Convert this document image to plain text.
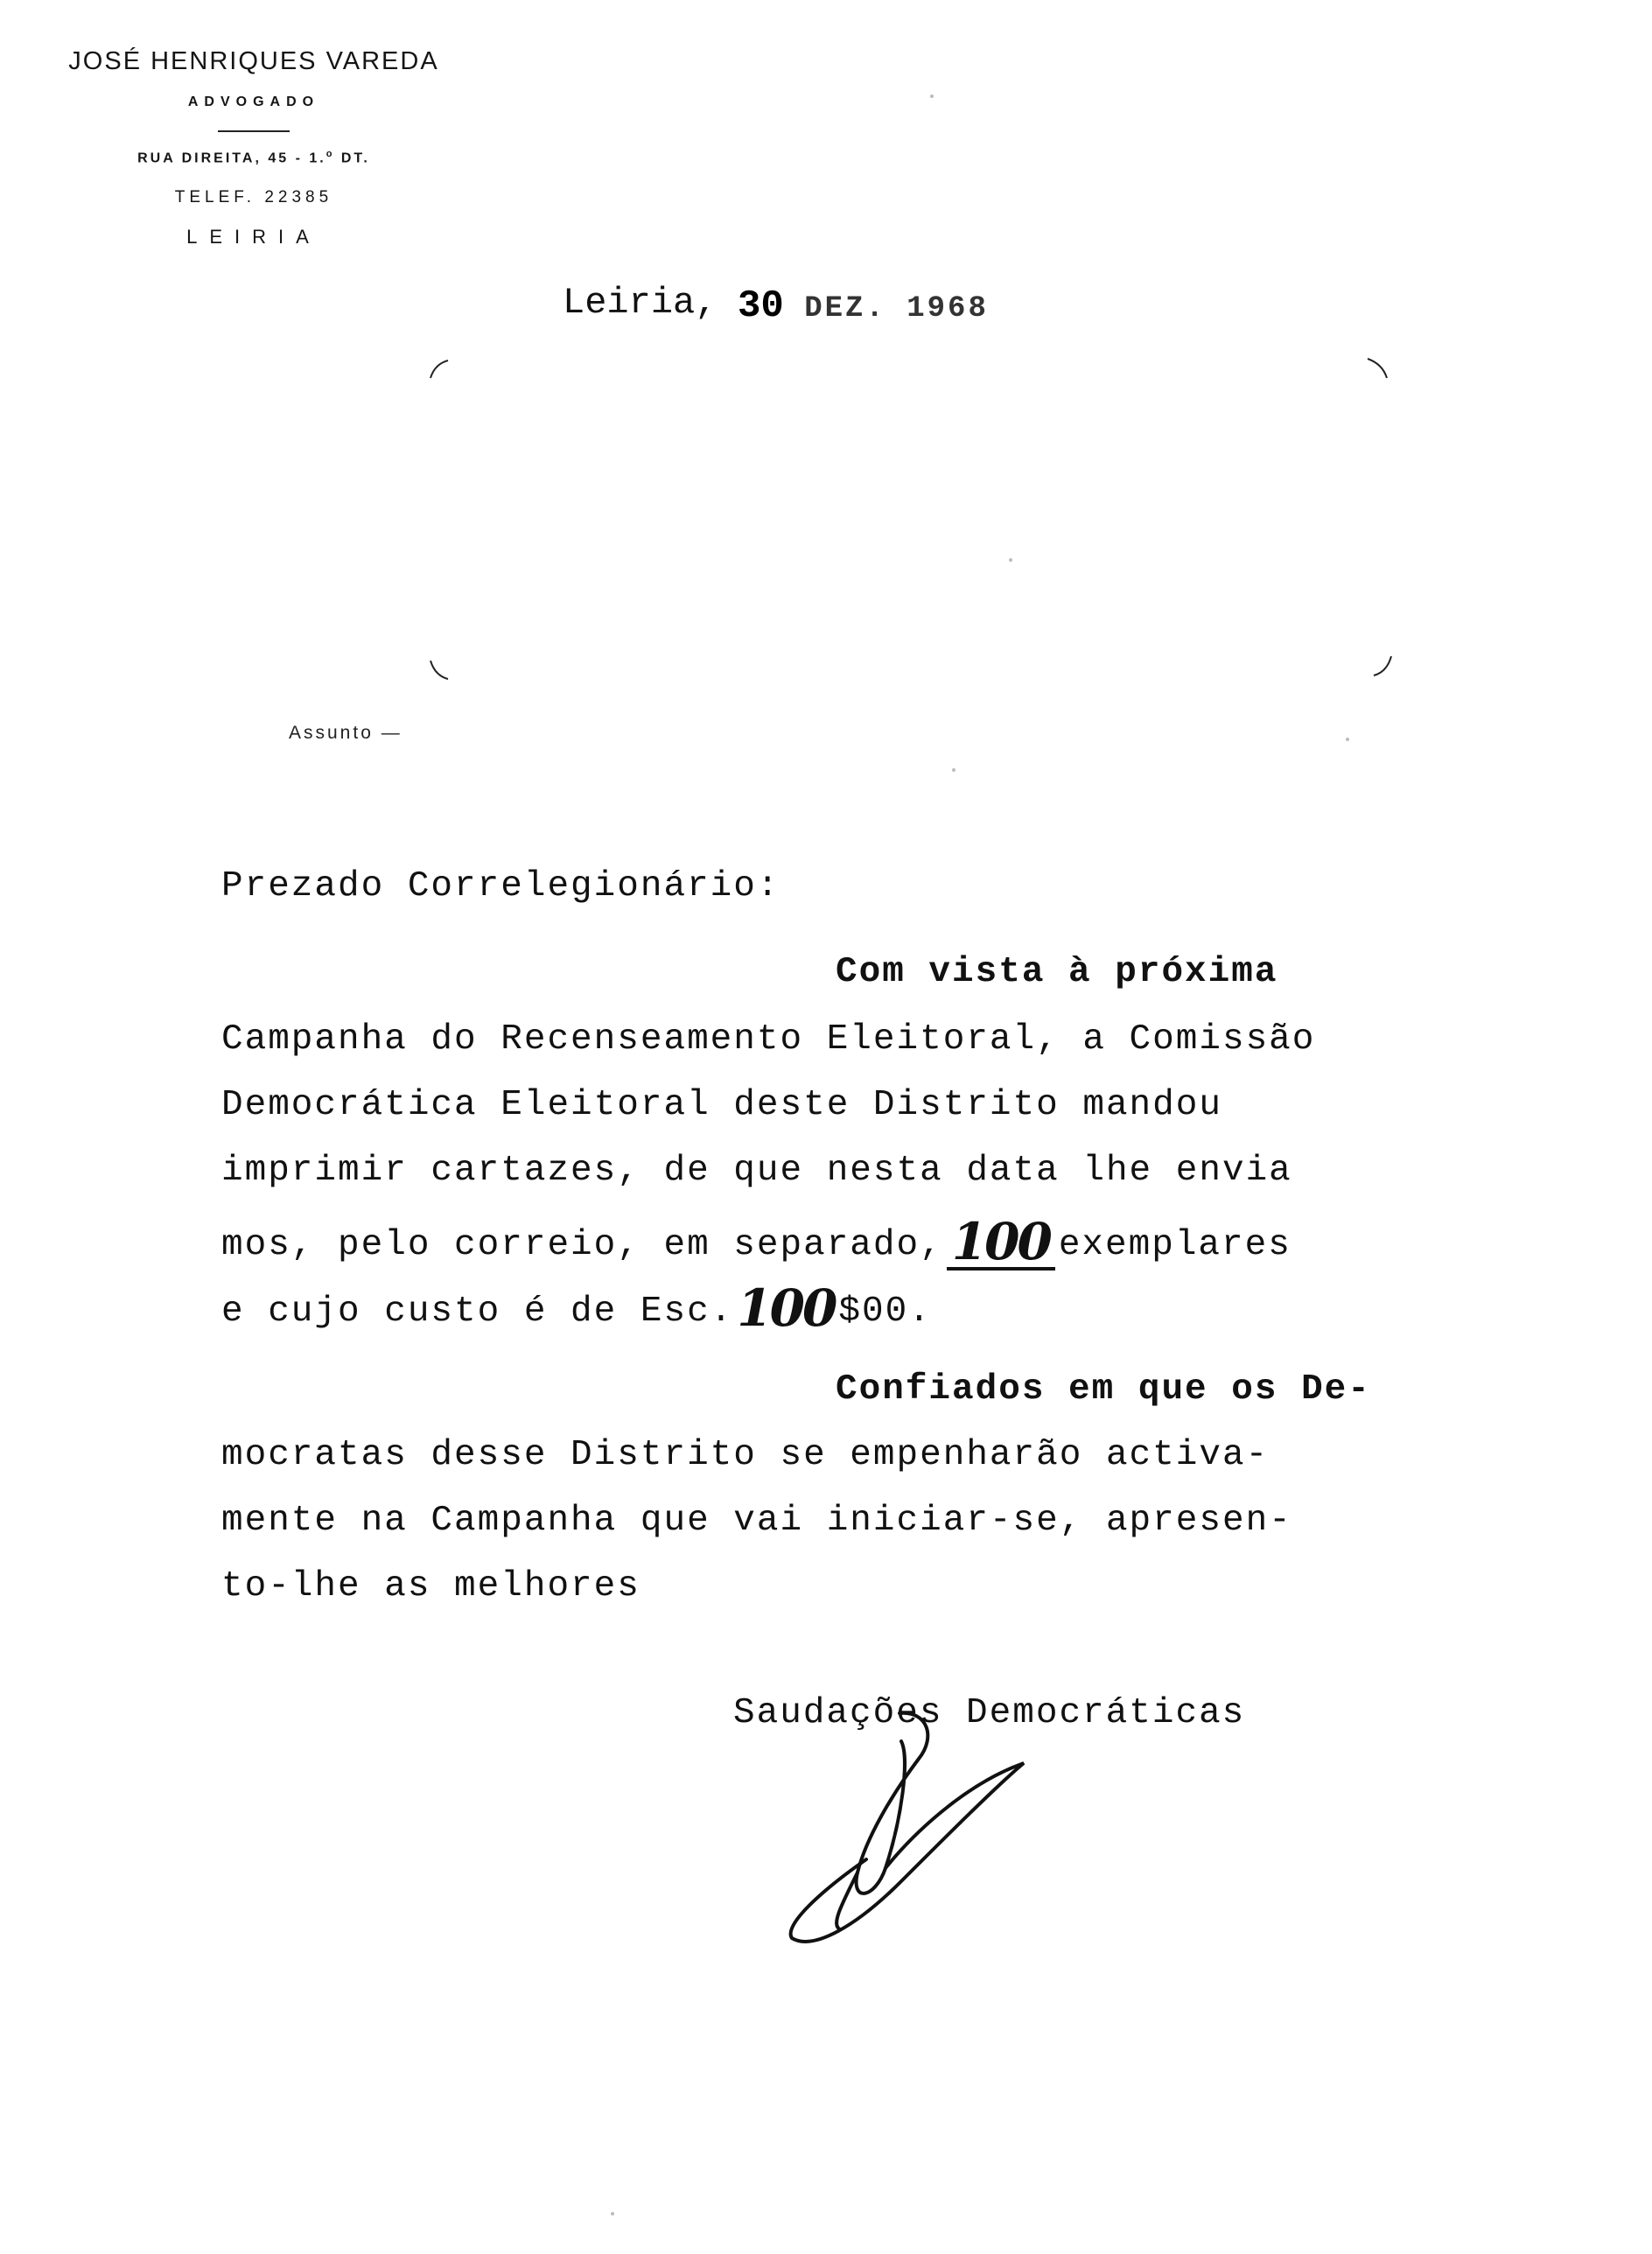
JOSÉ HENRIQUES VAREDA
ADVOGADO
RUA DIREITA, 45 - 1.$^o$ DT.
TELEF. 22385
LEIRIA
Leiria, 30 DEZ. 1968
Assunto —
Prezado Correlegionário:
Com vista à próxima
Campanha do Recenseamento Eleitoral, a Comissão
Democrática Eleitoral deste Distrito mandou
imprimir cartazes, de que nesta data lhe envia
mos, pelo correio, em separado, 100 exemplares
e cujo custo é de Esc.100$00.
Confiados em que os De-
mocratas desse Distrito se empenharão activa-
mente na Campanha que vai iniciar-se, apresen-
to-lhe as melhores
Saudações Democráticas
